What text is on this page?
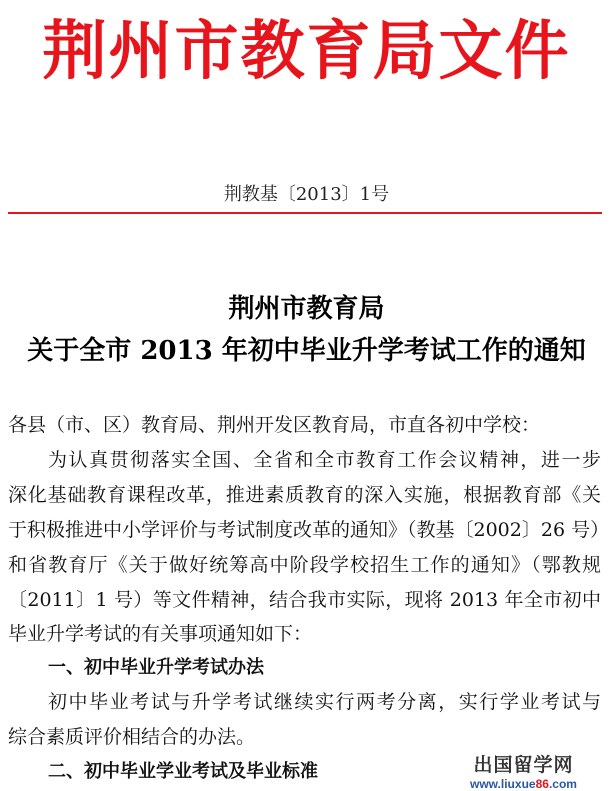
荆州市教育局文件
荆教基〔2013〕1号
荆州市教育局
关于全市 2013 年初中毕业升学考试工作的通知
各县（市、区）教育局、荆州开发区教育局，市直各初中学校：
为认真贯彻落实全国、全省和全市教育工作会议精神，进一步
深化基础教育课程改革，推进素质教育的深入实施，根据教育部《关
于积极推进中小学评价与考试制度改革的通知》（教基〔2002〕26 号）
和省教育厅《关于做好统筹高中阶段学校招生工作的通知》（鄂教规
〔2011〕1 号）等文件精神，结合我市实际，现将 2013 年全市初中
毕业升学考试的有关事项通知如下：
一、初中毕业升学考试办法
初中毕业考试与升学考试继续实行两考分离，实行学业考试与
综合素质评价相结合的办法。
二、初中毕业学业考试及毕业标准	出国留学网
www.liuxue86.com
